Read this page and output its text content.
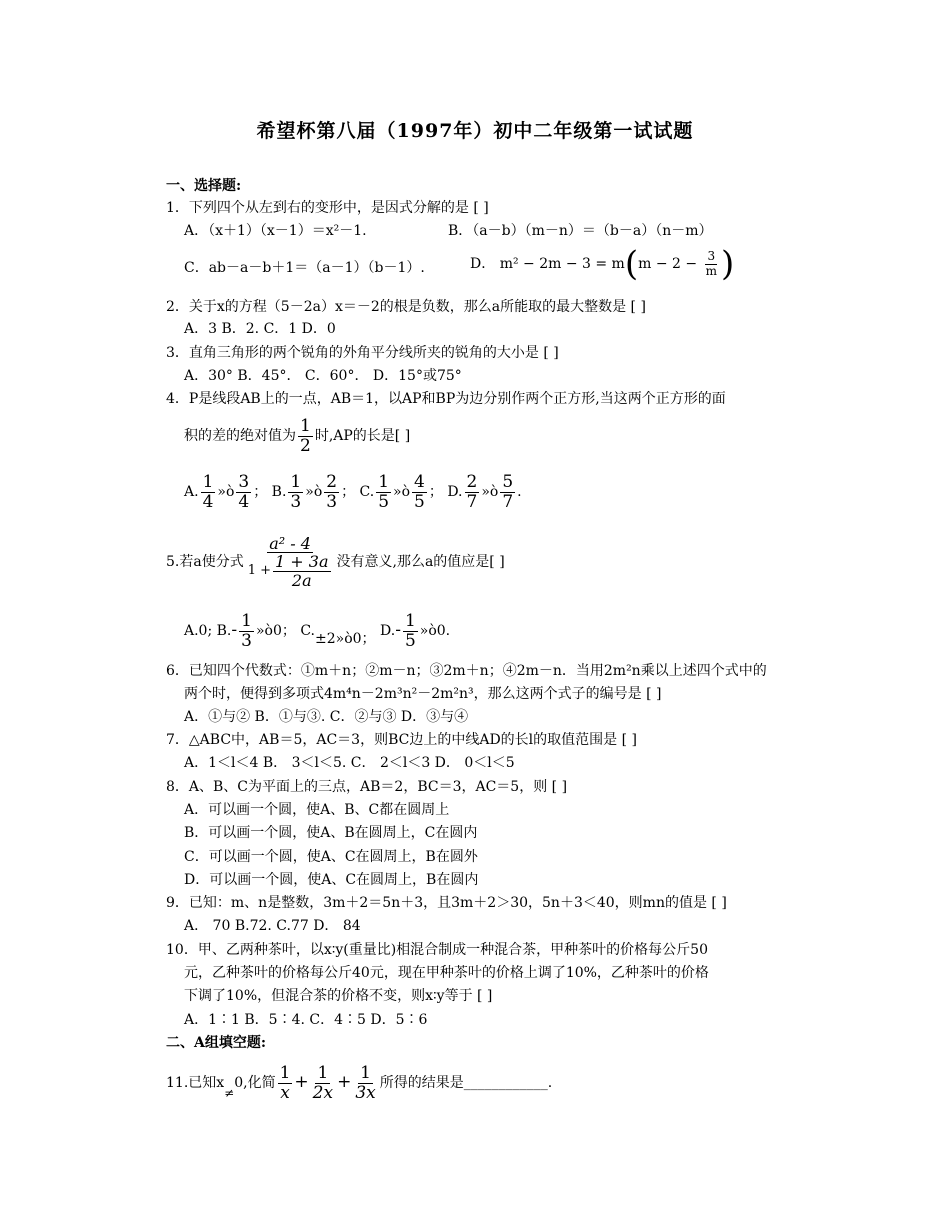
希望杯第八届（1997年）初中二年级第一试试题
一、选择题:
1．下列四个从左到右的变形中，是因式分解的是 [ ]
A．（x＋1）（x－1）＝x²－1.	B．（a－b）（m－n）＝（b－a）（n－m）
C．ab－a－b＋1＝（a－1）（b－1）.	D． $m^2 - 2m - 3 = m(m - 2 - \frac{3}{m}$ )
2．关于x的方程（5－2a）x＝－2的根是负数，那么a所能取的最大整数是 [ ]
A．3 B．2. C．1 D．0
3．直角三角形的两个锐角的外角平分线所夹的锐角的大小是 [ ]
A．30° B．45°． C．60°． D．15°或75°
4．P是线段AB上的一点，AB＝1，以AP和BP为边分别作两个正方形,当这两个正方形的面
积的差的绝对值为 $\frac{1}{2}$ 时,AP的长是[ ]
A. $\frac{1}{4}$ »ò $\frac{3}{4}$ ； B. $\frac{1}{3}$ »ò $\frac{2}{3}$ ； C. $\frac{1}{5}$ »ò $\frac{4}{5}$ ； D. $\frac{2}{7}$ »ò $\frac{5}{7}$ .
5.若a使分式 $\frac{\text{a² - 4}}{1 + \frac{1 + 3a}{2a}}$ 没有意义,那么a的值应是[ ]
A.0; $B.- \frac{1}{3}$ »ò0； C.±2»ò0； $D.- \frac{1}{5}$ »ò0.
6．已知四个代数式：①m＋n；②m－n；③2m＋n；④2m－n．当用2m²n乘以上述四个式中的
两个时，便得到多项式4m⁴n－2m³n²－2m²n³，那么这两个式子的编号是 [ ]
A．①与② B．①与③. C．②与③ D．③与④
7．△ABC中，AB＝5，AC＝3，则BC边上的中线AD的长l的取值范围是 [ ]
A．1＜l＜4 B． 3＜l＜5. C． 2＜l＜3 D． 0＜l＜5
8．A、B、C为平面上的三点，AB＝2，BC＝3，AC＝5，则 [ ]
A．可以画一个圆，使A、B、C都在圆周上
B．可以画一个圆，使A、B在圆周上，C在圆内
C．可以画一个圆，使A、C在圆周上，B在圆外
D．可以画一个圆，使A、C在圆周上，B在圆内
9．已知：m、n是整数，3m＋2＝5n＋3，且3m＋2＞30，5n＋3＜40，则mn的值是 [ ]
A． 70 B.72. C.77 D． 84
10．甲、乙两种茶叶，以x∶y(重量比)相混合制成一种混合茶，甲种茶叶的价格每公斤50
元，乙种茶叶的价格每公斤40元，现在甲种茶叶的价格上调了10%，乙种茶叶的价格
下调了10%，但混合茶的价格不变，则x∶y等于 [ ]
A．1∶1 B．5∶4. C．4∶5 D．5∶6
二、A组填空题:
11.已知x≠0,化简 $\frac{1}{x} + \frac{1}{2x} + \frac{1}{3x}$ 所得的结果是____________.
